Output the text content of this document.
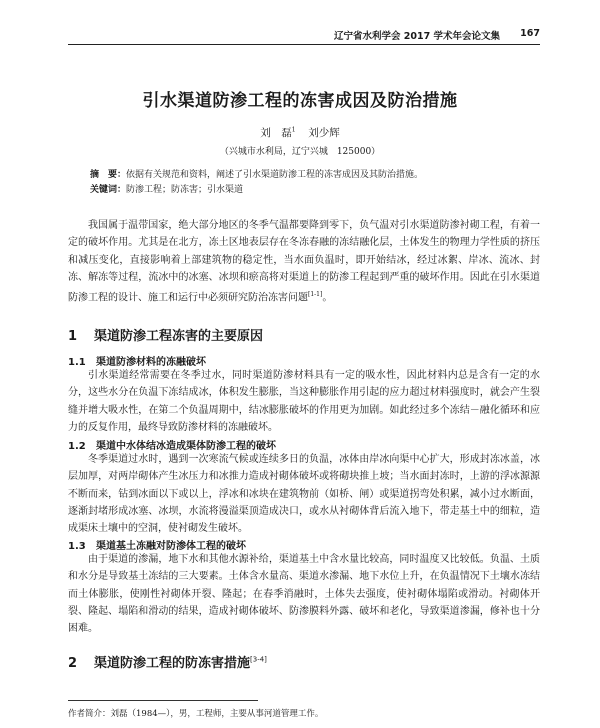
辽宁省水利学会 2017 学术年会论文集 167
引水渠道防渗工程的冻害成因及防治措施
刘　磊$^1$ 刘少辉
（兴城市水利局，辽宁兴城　125000）
摘　要：依据有关规范和资料，阐述了引水渠道防渗工程的冻害成因及其防治措施。
关键词：防渗工程；防冻害；引水渠道

我国属于温带国家，绝大部分地区的冬季气温都要降到零下，负气温对引水渠道防渗衬砌工程，有着一定的破坏作用。尤其是在北方，冻土区地表层存在冬冻春融的冻结融化层，土体发生的物理力学性质的挤压和减压变化，直接影响着上部建筑物的稳定性，当水面负温时，即开始结冰，经过冰絮、岸冰、流冰、封冻、解冻等过程，流冰中的冰塞、冰坝和瘀高将对渠道上的防渗工程起到严重的破坏作用。因此在引水渠道防渗工程的设计、施工和运行中必须研究防治冻害问题[1-1]。

1 渠道防渗工程冻害的主要原因
1.1 渠道防渗材料的冻融破坏

引水渠道经常需要在冬季过水，同时渠道防渗材料具有一定的吸水性，因此材料内总是含有一定的水分，这些水分在负温下冻结成冰，体积发生膨胀，当这种膨胀作用引起的应力超过材料强度时，就会产生裂缝并增大吸水性，在第二个负温周期中，结冰膨胀破坏的作用更为加剧。如此经过多个冻结－融化循环和应力的反复作用，最终导致防渗材料的冻融破坏。

1.2 渠道中水体结冰造成渠体防渗工程的破坏

冬季渠道过水时，遇到一次寒流气候或连续多日的负温，冰体由岸冰向渠中心扩大，形成封冻冰盖，冰层加厚，对两岸砌体产生冰压力和冰推力造成衬砌体破坏或将砌块推上坡；当水面封冻时，上游的浮冰源源不断而来，钻到冰面以下或以上，浮冰和冰块在建筑物前（如桥、闸）或渠道拐弯处积累，减小过水断面，逐渐封堵形成冰塞、冰坝，水流将漫溢渠顶造成决口，或水从衬砌体背后流入地下，带走基土中的细粒，造成渠床土壤中的空洞，使衬砌发生破坏。

1.3 渠道基土冻融对防渗体工程的破坏

由于渠道的渗漏，地下水和其他水源补给，渠道基土中含水量比较高，同时温度又比较低。负温、土质和水分是导致基土冻结的三大要素。土体含水量高、渠道水渗漏、地下水位上升，在负温情况下土壤水冻结而土体膨胀，使刚性衬砌体开裂、隆起；在春季消融时，土体失去强度，使衬砌体塌陷或滑动。衬砌体开裂、隆起、塌陷和滑动的结果，造成衬砌体破坏、防渗膜料外露、破坏和老化，导致渠道渗漏，修补也十分困难。

2 渠道防渗工程的防冻害措施[3-4]
作者简介：刘磊（1984—），男，工程师，主要从事河道管理工作。
